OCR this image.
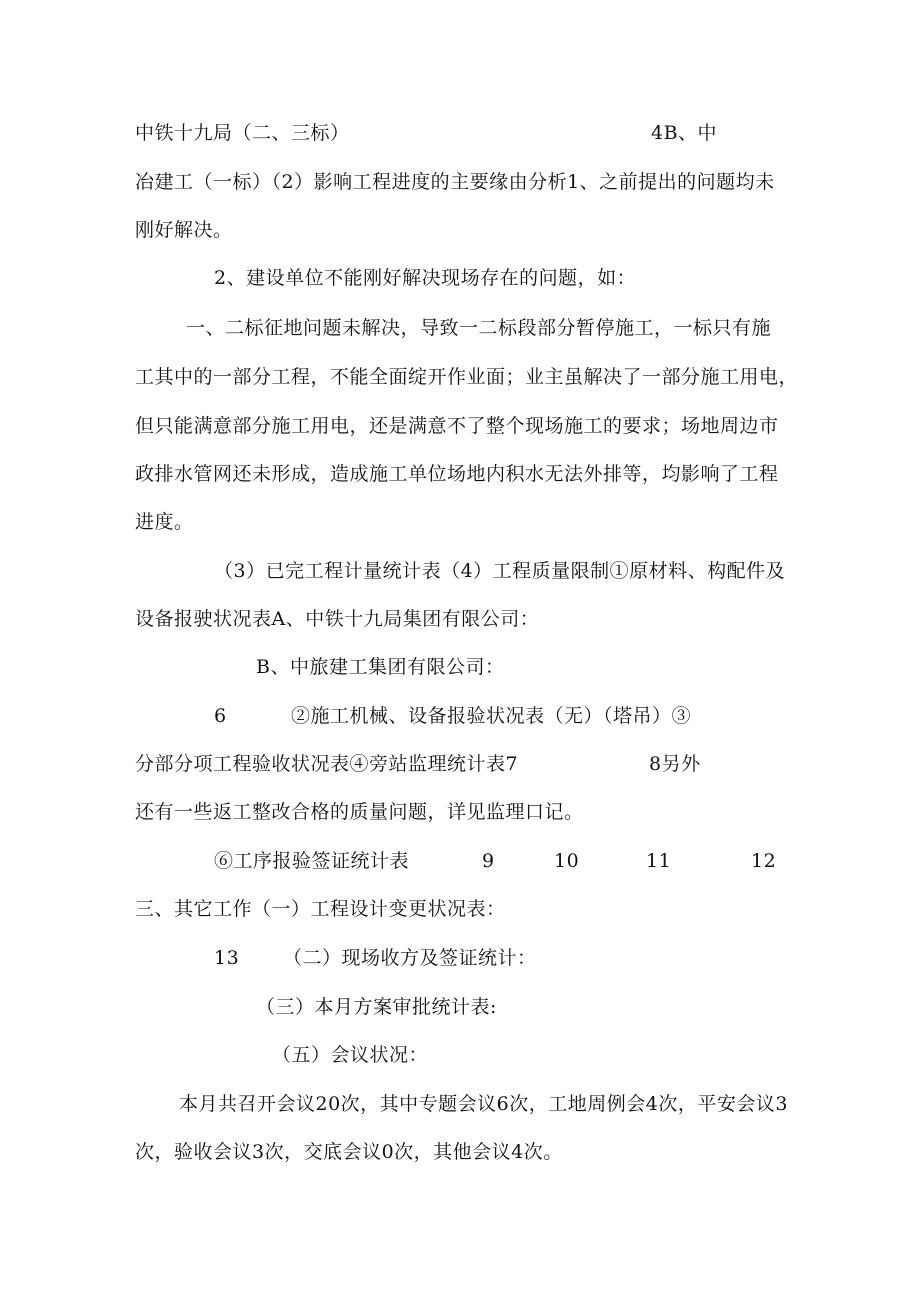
中铁十九局（二、三标）	4B、中
冶建工（一标）（2）影响工程进度的主要缘由分析1、之前提出的问题均未
刚好解决。
2、建设单位不能刚好解决现场存在的问题，如：
一、二标征地问题未解决，导致一二标段部分暂停施工，一标只有施
工其中的一部分工程，不能全面绽开作业面；业主虽解决了一部分施工用电，
但只能满意部分施工用电，还是满意不了整个现场施工的要求；场地周边市
政排水管网还未形成，造成施工单位场地内积水无法外排等，均影响了工程
进度。
（3）已完工程计量统计表（4）工程质量限制①原材料、构配件及
设备报驶状况表A、中铁十九局集团有限公司：
B、中旅建工集团有限公司：
6	②施工机械、设备报验状况表（无）（塔吊）③
分部分项工程验收状况表④旁站监理统计表7	8另外
还有一些返工整改合格的质量问题，详见监理口记。
⑥工序报验签证统计表	9	10	11	12
三、其它工作（一）工程设计变更状况表：
13 （二）现场收方及签证统计：
（三）本月方案审批统计表:
（五）会议状况：
本月共召开会议20次，其中专题会议6次，工地周例会4次，平安会议3
次，验收会议3次，交底会议0次，其他会议4次。
